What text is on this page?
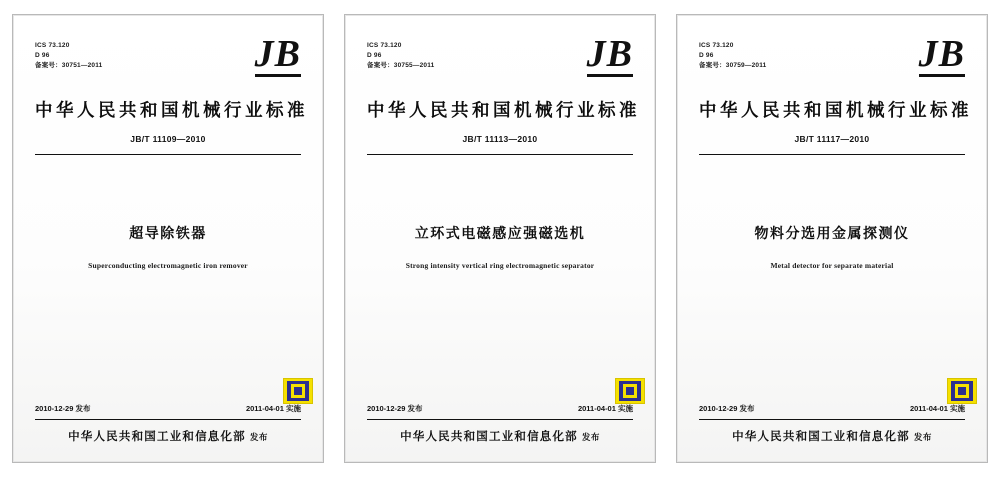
ICS 73.120
D 96
备案号：30751—2011	JB
中华人民共和国机械行业标准
JB/T 11109—2010
超导除铁器
Superconducting electromagnetic iron remover
2010-12-29 发布	2011-04-01 实施
中华人民共和国工业和信息化部 发布
ICS 73.120
D 96
备案号：30755—2011	JB
中华人民共和国机械行业标准
JB/T 11113—2010
立环式电磁感应强磁选机
Strong intensity vertical ring electromagnetic separator
2010-12-29 发布	2011-04-01 实施
中华人民共和国工业和信息化部 发布
ICS 73.120
D 96
备案号：30759—2011	JB
中华人民共和国机械行业标准
JB/T 11117—2010
物料分选用金属探测仪
Metal detector for separate material
2010-12-29 发布	2011-04-01 实施
中华人民共和国工业和信息化部 发布
